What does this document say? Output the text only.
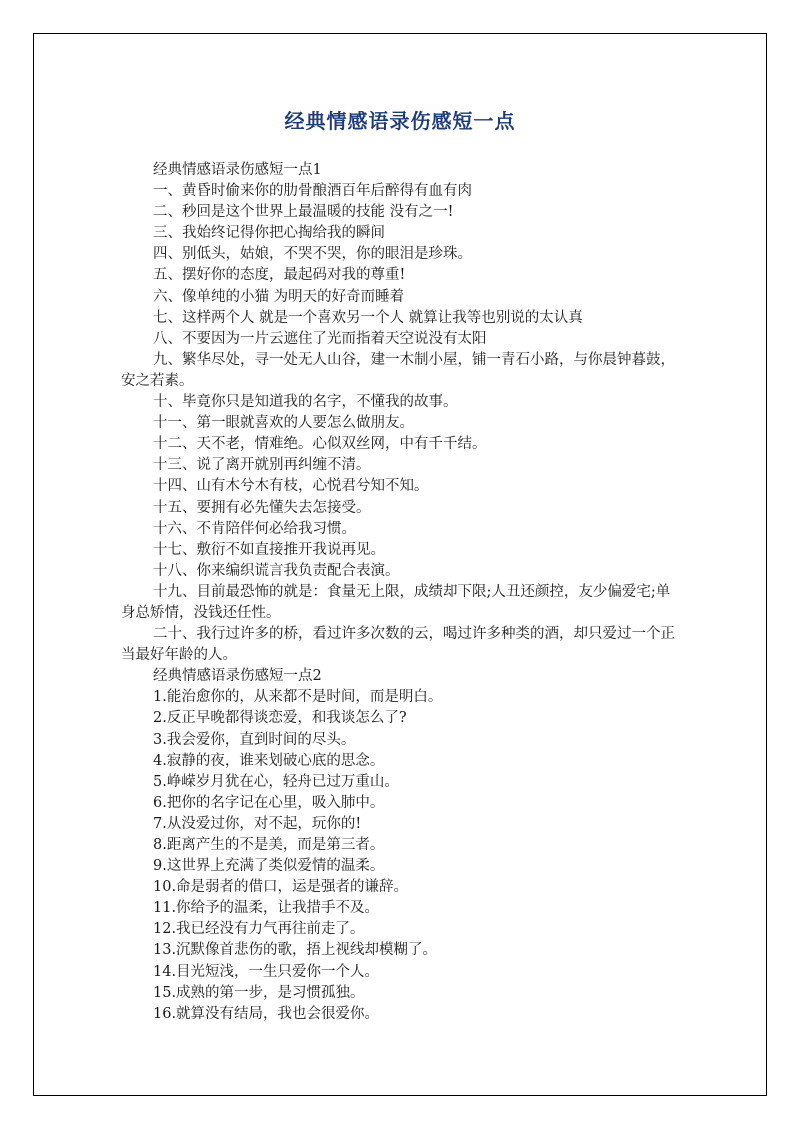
经典情感语录伤感短一点

经典情感语录伤感短一点1

一、黄昏时偷来你的肋骨酿酒百年后醉得有血有肉

二、秒回是这个世界上最温暖的技能 没有之一!

三、我始终记得你把心掏给我的瞬间

四、别低头，姑娘，不哭不哭，你的眼泪是珍珠。

五、摆好你的态度，最起码对我的尊重!

六、像单纯的小猫 为明天的好奇而睡着

七、这样两个人 就是一个喜欢另一个人 就算让我等也别说的太认真

八、不要因为一片云遮住了光而指着天空说没有太阳

九、繁华尽处，寻一处无人山谷，建一木制小屋，铺一青石小路，与你晨钟暮鼓，安之若素。

十、毕竟你只是知道我的名字，不懂我的故事。

十一、第一眼就喜欢的人要怎么做朋友。

十二、天不老，情难绝。心似双丝网，中有千千结。

十三、说了离开就别再纠缠不清。

十四、山有木兮木有枝，心悦君兮知不知。

十五、要拥有必先懂失去怎接受。

十六、不肯陪伴何必给我习惯。

十七、敷衍不如直接推开我说再见。

十八、你来编织谎言我负责配合表演。

十九、目前最恐怖的就是：食量无上限，成绩却下限;人丑还颜控，友少偏爱宅;单身总矫情，没钱还任性。

二十、我行过许多的桥，看过许多次数的云，喝过许多种类的酒，却只爱过一个正当最好年龄的人。

经典情感语录伤感短一点2

1.能治愈你的，从来都不是时间，而是明白。

2.反正早晚都得谈恋爱，和我谈怎么了?

3.我会爱你，直到时间的尽头。

4.寂静的夜，谁来划破心底的思念。

5.峥嵘岁月犹在心，轻舟已过万重山。

6.把你的名字记在心里，吸入肺中。

7.从没爱过你，对不起，玩你的!

8.距离产生的不是美，而是第三者。

9.这世界上充满了类似爱情的温柔。

10.命是弱者的借口，运是强者的谦辞。

11.你给予的温柔，让我措手不及。

12.我已经没有力气再往前走了。

13.沉默像首悲伤的歌，捂上视线却模糊了。

14.目光短浅，一生只爱你一个人。

15.成熟的第一步，是习惯孤独。

16.就算没有结局，我也会很爱你。
